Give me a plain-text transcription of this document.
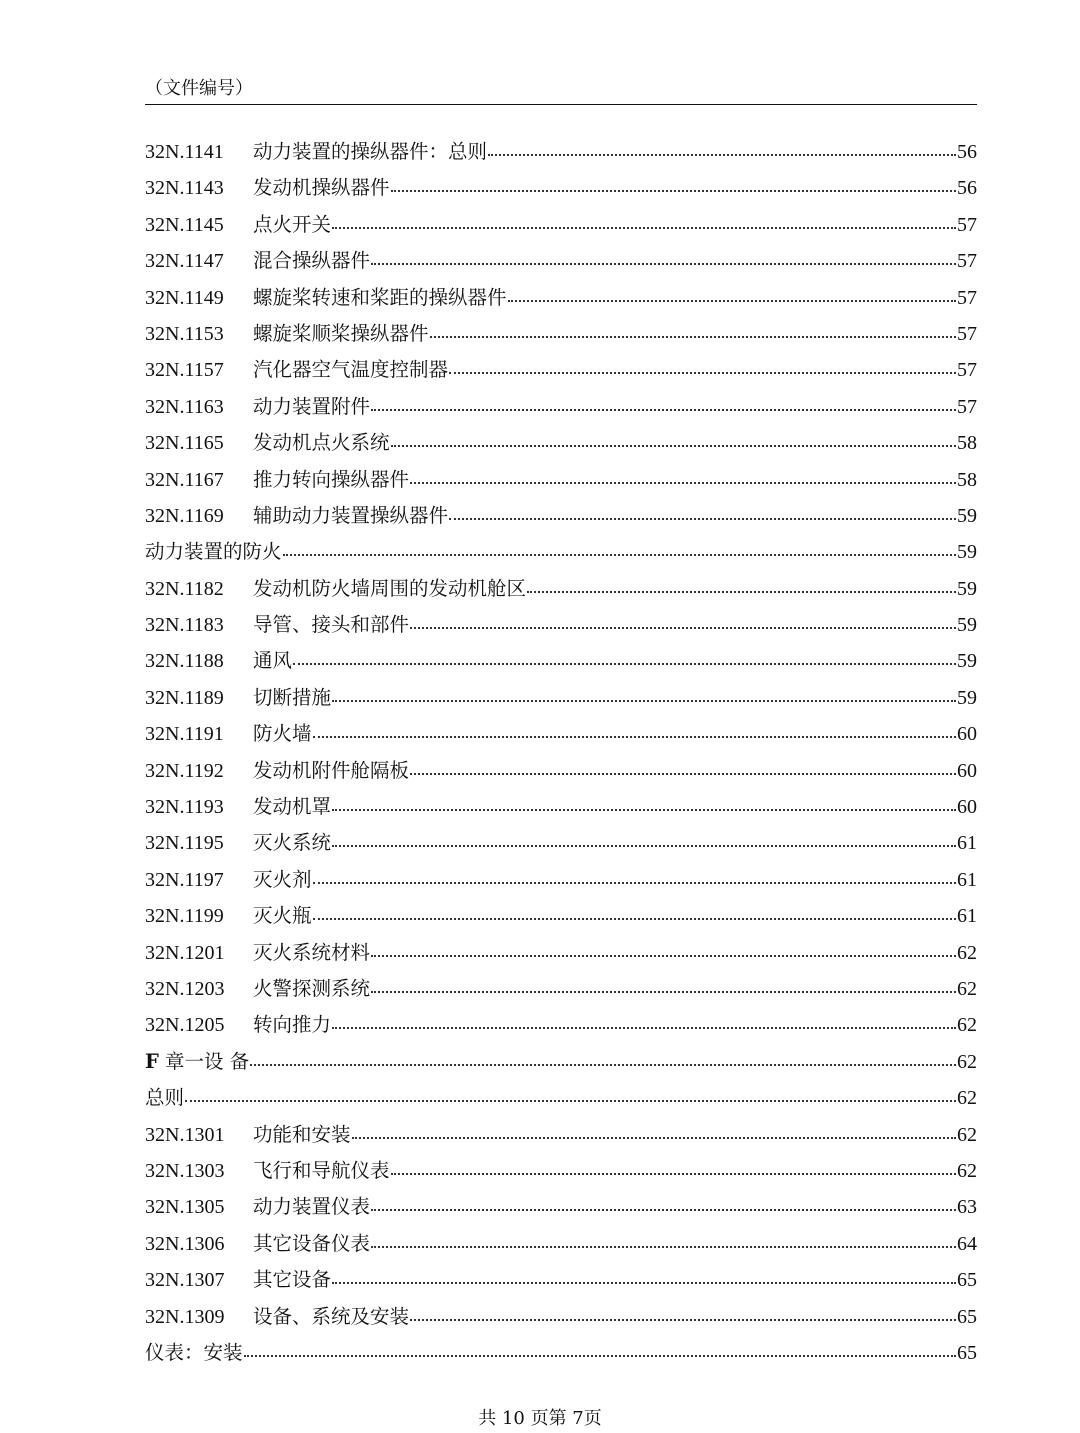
（文件编号）
32N.1141	动力装置的操纵器件：总则	56
32N.1143	发动机操纵器件	56
32N.1145	点火开关	57
32N.1147	混合操纵器件	57
32N.1149	螺旋桨转速和桨距的操纵器件	57
32N.1153	螺旋桨顺桨操纵器件	57
32N.1157	汽化器空气温度控制器	57
32N.1163	动力装置附件	57
32N.1165	发动机点火系统	58
32N.1167	推力转向操纵器件	58
32N.1169	辅助动力装置操纵器件	59
动力装置的防火	59
32N.1182	发动机防火墙周围的发动机舱区	59
32N.1183	导管、接头和部件	59
32N.1188	通风	59
32N.1189	切断措施	59
32N.1191	防火墙	60
32N.1192	发动机附件舱隔板	60
32N.1193	发动机罩	60
32N.1195	灭火系统	61
32N.1197	灭火剂	61
32N.1199	灭火瓶	61
32N.1201	灭火系统材料	62
32N.1203	火警探测系统	62
32N.1205	转向推力	62
F 章一设 备	62
总则	62
32N.1301	功能和安装	62
32N.1303	飞行和导航仪表	62
32N.1305	动力装置仪表	63
32N.1306	其它设备仪表	64
32N.1307	其它设备	65
32N.1309	设备、系统及安装	65
仪表：安装	65
共 10 页第 7页
